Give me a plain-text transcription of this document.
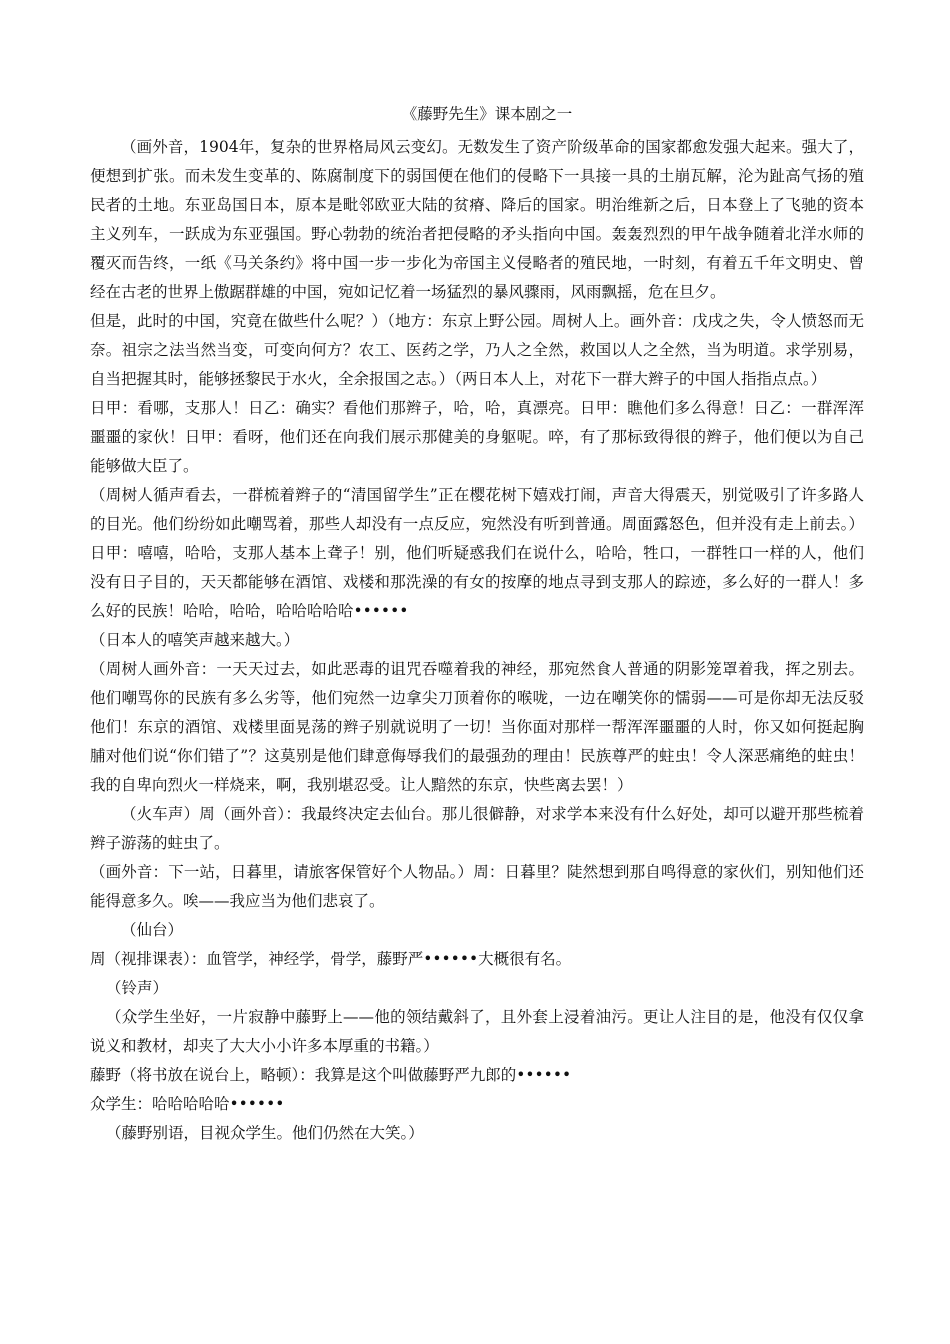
《藤野先生》课本剧之一

（画外音，1904年，复杂的世界格局风云变幻。无数发生了资产阶级革命的国家都愈发强大起来。强大了，便想到扩张。而未发生变革的、陈腐制度下的弱国便在他们的侵略下一具接一具的土崩瓦解，沦为趾高气扬的殖民者的土地。东亚岛国日本，原本是毗邻欧亚大陆的贫瘠、降后的国家。明治维新之后，日本登上了飞驰的资本主义列车，一跃成为东亚强国。野心勃勃的统治者把侵略的矛头指向中国。轰轰烈烈的甲午战争随着北洋水师的覆灭而告终，一纸《马关条约》将中国一步一步化为帝国主义侵略者的殖民地，一时刻，有着五千年文明史、曾经在古老的世界上傲踞群雄的中国，宛如记忆着一场猛烈的暴风骤雨，风雨飘摇，危在旦夕。

但是，此时的中国，究竟在做些什么呢？）（地方：东京上野公园。周树人上。画外音：戊戌之失，令人愤怒而无奈。祖宗之法当然当变，可变向何方？农工、医药之学，乃人之全然，救国以人之全然，当为明道。求学别易，自当把握其时，能够拯黎民于水火，全余报国之志。）（两日本人上，对花下一群大辫子的中国人指指点点。）

日甲：看哪，支那人！日乙：确实？看他们那辫子，哈，哈，真漂亮。日甲：瞧他们多么得意！日乙：一群浑浑噩噩的家伙！日甲：看呀，他们还在向我们展示那健美的身躯呢。啐，有了那标致得很的辫子，他们便以为自己能够做大臣了。

（周树人循声看去，一群梳着辫子的“清国留学生”正在樱花树下嬉戏打闹，声音大得震天，别觉吸引了许多路人的目光。他们纷纷如此嘲骂着，那些人却没有一点反应，宛然没有听到普通。周面露怒色，但并没有走上前去。）日甲：嘻嘻，哈哈，支那人基本上聋子！别，他们听疑惑我们在说什么，哈哈，牲口，一群牲口一样的人，他们没有日子目的，天天都能够在酒馆、戏楼和那洗澡的有女的按摩的地点寻到支那人的踪迹，多么好的一群人！多么好的民族！哈哈，哈哈，哈哈哈哈哈••••••

（日本人的嘻笑声越来越大。）

（周树人画外音：一天天过去，如此恶毒的诅咒吞噬着我的神经，那宛然食人普通的阴影笼罩着我，挥之别去。他们嘲骂你的民族有多么劣等，他们宛然一边拿尖刀顶着你的喉咙，一边在嘲笑你的懦弱——可是你却无法反驳他们！东京的酒馆、戏楼里面晃荡的辫子别就说明了一切！当你面对那样一帮浑浑噩噩的人时，你又如何挺起胸脯对他们说“你们错了”？这莫别是他们肆意侮辱我们的最强劲的理由！民族尊严的蛀虫！令人深恶痛绝的蛀虫！我的自卑向烈火一样烧来，啊，我别堪忍受。让人黯然的东京，快些离去罢！）

（火车声）周（画外音）：我最终决定去仙台。那儿很僻静，对求学本来没有什么好处，却可以避开那些梳着辫子游荡的蛀虫了。

（画外音：下一站，日暮里，请旅客保管好个人物品。）周：日暮里？陡然想到那自鸣得意的家伙们，别知他们还能得意多久。唉——我应当为他们悲哀了。

（仙台）

周（视排课表）：血管学，神经学，骨学，藤野严••••••大概很有名。

（铃声）

（众学生坐好，一片寂静中藤野上——他的领结戴斜了，且外套上浸着油污。更让人注目的是，他没有仅仅拿说义和教材，却夹了大大小小许多本厚重的书籍。）

藤野（将书放在说台上，略顿）：我算是这个叫做藤野严九郎的••••••

众学生：哈哈哈哈哈••••••

（藤野别语，目视众学生。他们仍然在大笑。）
